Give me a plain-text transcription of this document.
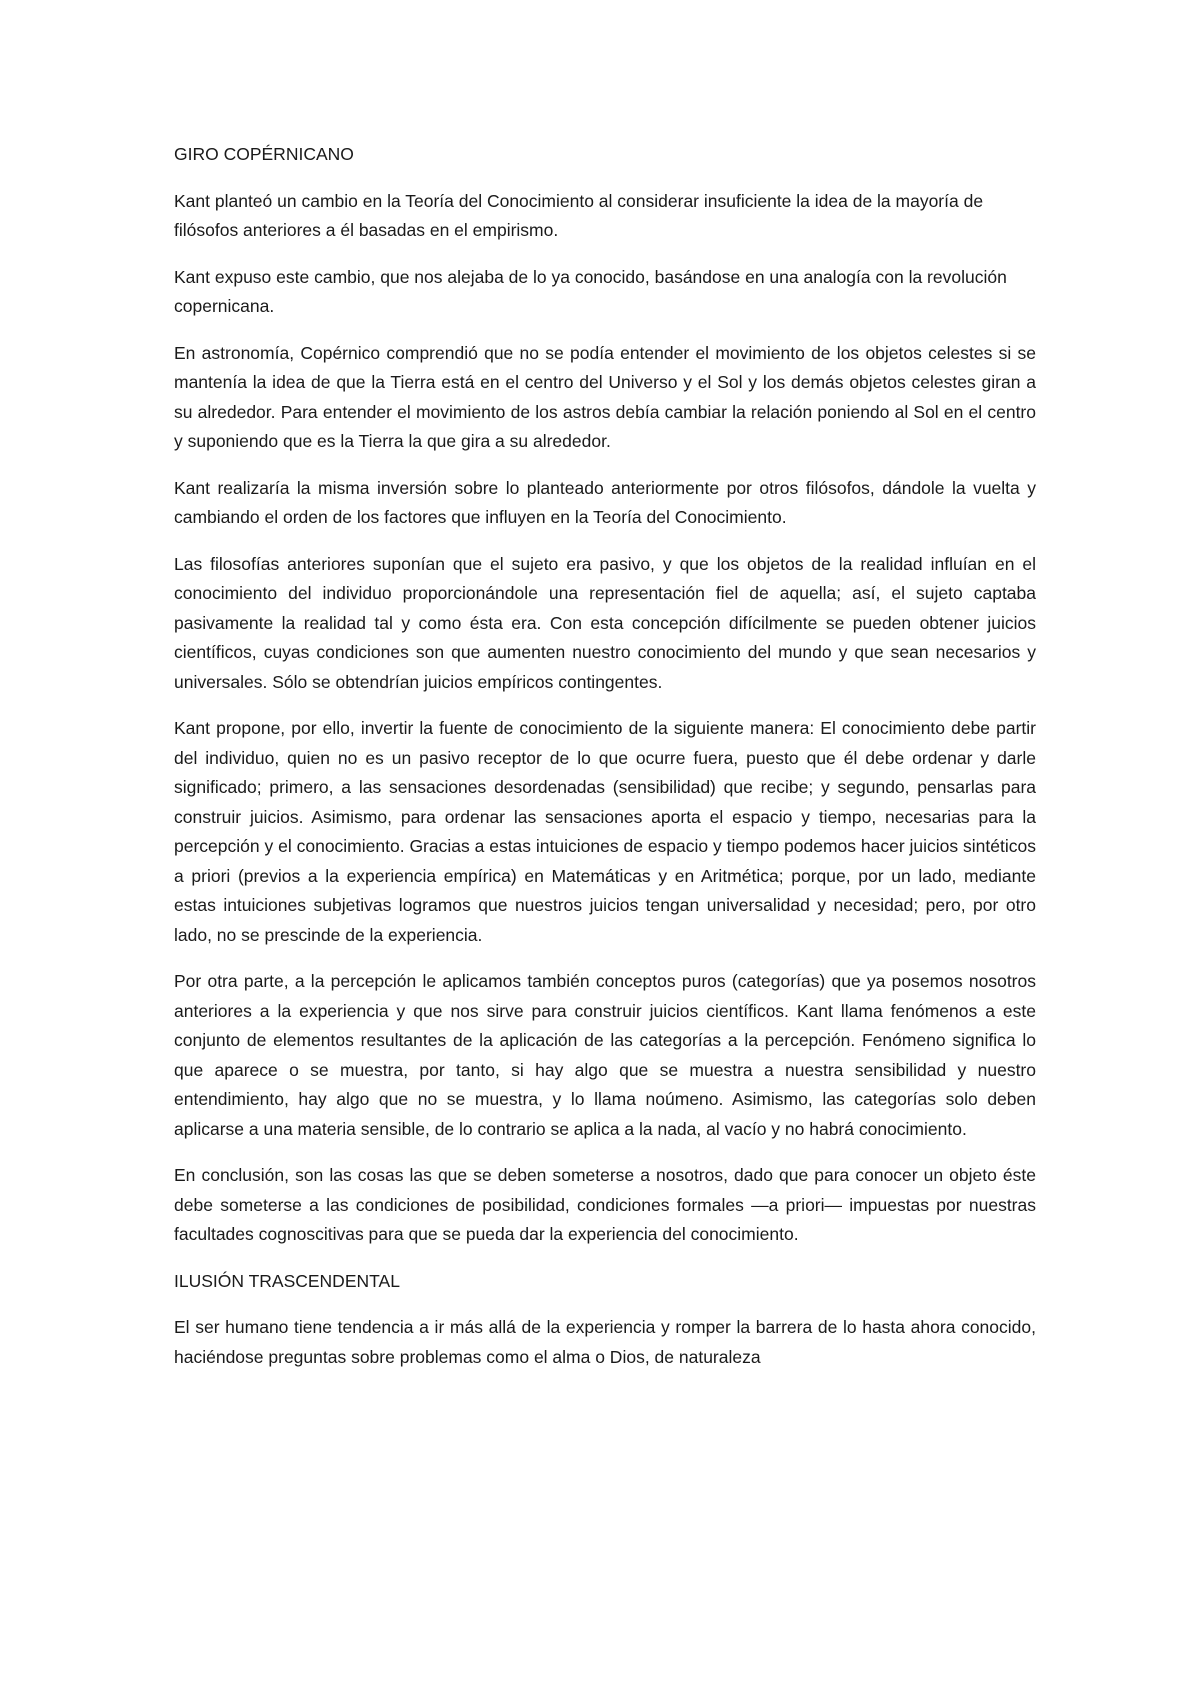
GIRO COPÉRNICANO

Kant planteó un cambio en la Teoría del Conocimiento al considerar insuficiente la idea de la mayoría de filósofos anteriores a él basadas en el empirismo.

Kant expuso este cambio, que nos alejaba de lo ya conocido, basándose en una analogía con la revolución copernicana.

En astronomía, Copérnico comprendió que no se podía entender el movimiento de los objetos celestes si se mantenía la idea de que la Tierra está en el centro del Universo y el Sol y los demás objetos celestes giran a su alrededor. Para entender el movimiento de los astros debía cambiar la relación poniendo al Sol en el centro y suponiendo que es la Tierra la que gira a su alrededor.

Kant realizaría la misma inversión sobre lo planteado anteriormente por otros filósofos, dándole la vuelta y cambiando el orden de los factores que influyen en la Teoría del Conocimiento.

Las filosofías anteriores suponían que el sujeto era pasivo, y que los objetos de la realidad influían en el conocimiento del individuo proporcionándole una representación fiel de aquella; así, el sujeto captaba pasivamente la realidad tal y como ésta era. Con esta concepción difícilmente se pueden obtener juicios científicos, cuyas condiciones son que aumenten nuestro conocimiento del mundo y que sean necesarios y universales. Sólo se obtendrían juicios empíricos contingentes.

Kant propone, por ello, invertir la fuente de conocimiento de la siguiente manera: El conocimiento debe partir del individuo, quien no es un pasivo receptor de lo que ocurre fuera, puesto que él debe ordenar y darle significado; primero, a las sensaciones desordenadas (sensibilidad) que recibe; y segundo, pensarlas para construir juicios. Asimismo, para ordenar las sensaciones aporta el espacio y tiempo, necesarias para la percepción y el conocimiento. Gracias a estas intuiciones de espacio y tiempo podemos hacer juicios sintéticos a priori (previos a la experiencia empírica) en Matemáticas y en Aritmética; porque, por un lado, mediante estas intuiciones subjetivas logramos que nuestros juicios tengan universalidad y necesidad; pero, por otro lado, no se prescinde de la experiencia.

Por otra parte, a la percepción le aplicamos también conceptos puros (categorías) que ya posemos nosotros anteriores a la experiencia y que nos sirve para construir juicios científicos. Kant llama fenómenos a este conjunto de elementos resultantes de la aplicación de las categorías a la percepción. Fenómeno significa lo que aparece o se muestra, por tanto, si hay algo que se muestra a nuestra sensibilidad y nuestro entendimiento, hay algo que no se muestra, y lo llama noúmeno. Asimismo, las categorías solo deben aplicarse a una materia sensible, de lo contrario se aplica a la nada, al vacío y no habrá conocimiento.

En conclusión, son las cosas las que se deben someterse a nosotros, dado que para conocer un objeto éste debe someterse a las condiciones de posibilidad, condiciones formales —a priori— impuestas por nuestras facultades cognoscitivas para que se pueda dar la experiencia del conocimiento.

ILUSIÓN TRASCENDENTAL

El ser humano tiene tendencia a ir más allá de la experiencia y romper la barrera de lo hasta ahora conocido, haciéndose preguntas sobre problemas como el alma o Dios, de naturaleza
